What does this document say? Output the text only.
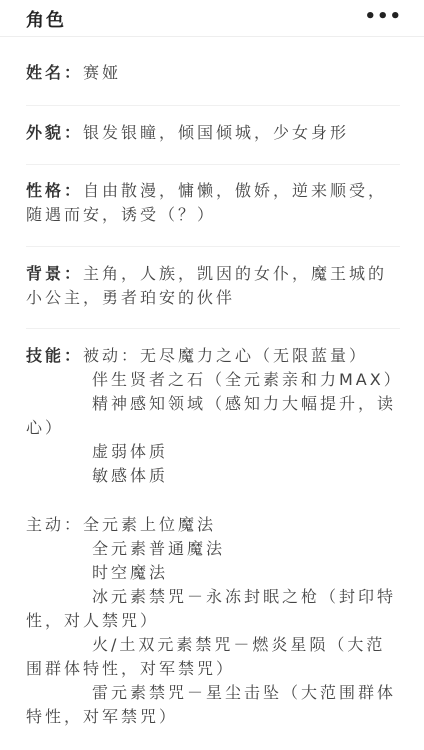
角色	•••
姓名：赛娅
外貌：银发银瞳，倾国倾城，少女身形
性格：自由散漫，慵懒，傲娇，逆来顺受，随遇而安，诱受（？）
背景：主角，人族，凯因的女仆，魔王城的小公主，勇者珀安的伙伴
技能：被动：无尽魔力之心（无限蓝量）
伴生贤者之石（全元素亲和力MAX）
精神感知领域（感知力大幅提升，读心）
虚弱体质
敏感体质
主动：全元素上位魔法
全元素普通魔法
时空魔法
冰元素禁咒－永冻封眠之枪（封印特性，对人禁咒）
火/土双元素禁咒－燃炎星陨（大范围群体特性，对军禁咒）
雷元素禁咒－星尘击坠（大范围群体特性，对军禁咒）
